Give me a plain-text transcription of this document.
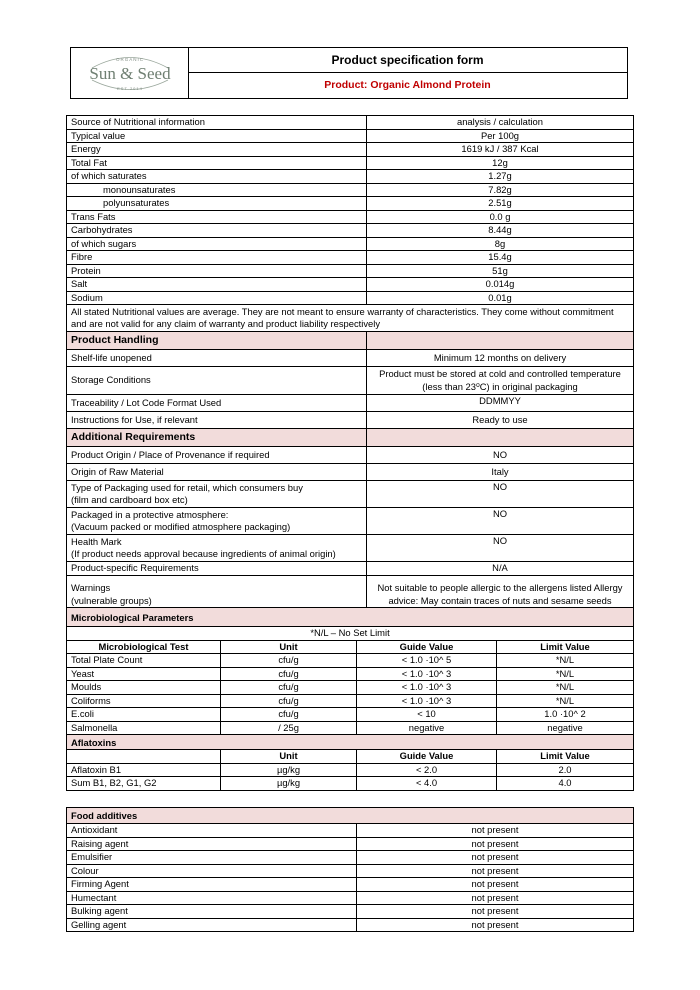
ORGANIC
Sun & Seed
EST 2014
Product specification form
Product: Organic Almond Protein
Source of Nutritional information	analysis / calculation
Typical value	Per 100g
Energy	1619 kJ / 387 Kcal
Total Fat	12g
of which saturates	1.27g
monounsaturates	7.82g
polyunsaturates	2.51g
Trans Fats	0.0 g
Carbohydrates	8.44g
of which sugars	8g
Fibre	15.4g
Protein	51g
Salt	0.014g
Sodium	0.01g
All stated Nutritional values are average. They are not meant to ensure warranty of characteristics. They come without commitment and are not valid for any claim of warranty and product liability respectively	
Product Handling	
Shelf-life unopened	Minimum 12 months on delivery
Storage Conditions	Product must be stored at cold and controlled temperature (less than 23⁰C) in original packaging
Traceability / Lot Code Format Used	DDMMYY
Instructions for Use, if relevant	Ready to use
Additional Requirements	
Product Origin / Place of Provenance if required	NO
Origin of Raw Material	Italy
Type of Packaging used for retail, which consumers buy
(film and cardboard box etc)	NO
Packaged in a protective atmosphere:
(Vacuum packed or modified atmosphere packaging)	NO
Health Mark
(If product needs approval because ingredients of animal origin)	NO
Product-specific Requirements	N/A
Warnings
(vulnerable groups)	Not suitable to people allergic to the allergens listed Allergy advice: May contain traces of nuts and sesame seeds
Microbiological Parameters			
*N/L – No Set Limit			
Microbiological Test	Unit	Guide Value	Limit Value
Total Plate Count	cfu/g	< 1.0 ·10^ 5	*N/L
Yeast	cfu/g	< 1.0 ·10^ 3	*N/L
Moulds	cfu/g	< 1.0 ·10^ 3	*N/L
Coliforms	cfu/g	< 1.0 ·10^ 3	*N/L
E.coli	cfu/g	< 10	1.0 ·10^ 2
Salmonella	/ 25g	negative	negative
Aflatoxins			
	Unit	Guide Value	Limit Value
Aflatoxin B1	µg/kg	< 2.0	2.0
Sum B1, B2, G1, G2	µg/kg	< 4.0	4.0
Food additives	
Antioxidant	not present
Raising agent	not present
Emulsifier	not present
Colour	not present
Firming Agent	not present
Humectant	not present
Bulking agent	not present
Gelling agent	not present
